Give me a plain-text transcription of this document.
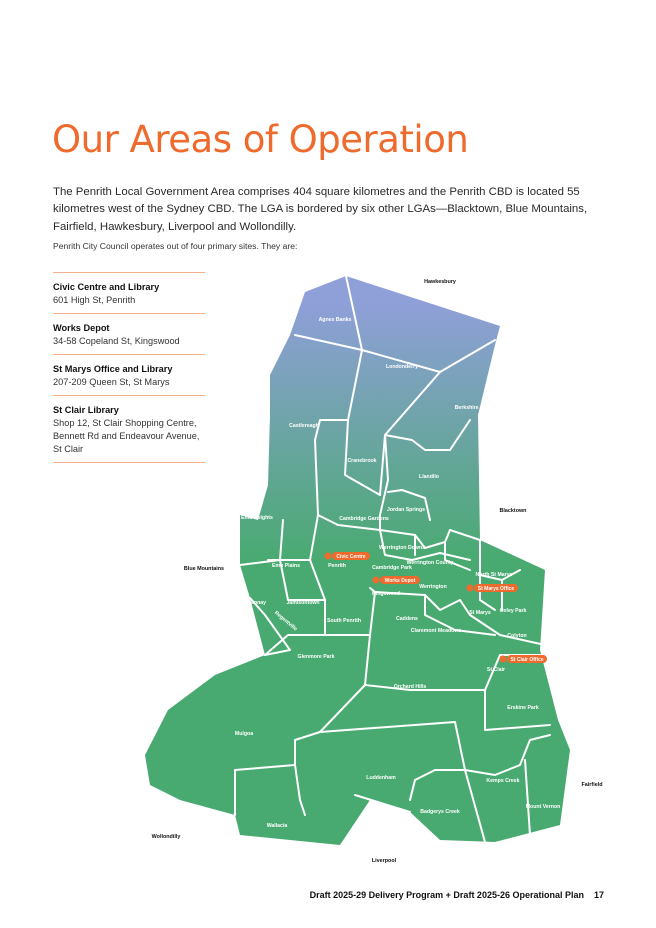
Our Areas of Operation

The Penrith Local Government Area comprises 404 square kilometres and the Penrith CBD is located 55 kilometres west of the Sydney CBD. The LGA is bordered by six other LGAs—Blacktown, Blue Mountains, Fairfield, Hawkesbury, Liverpool and Wollondilly.

Penrith City Council operates out of four primary sites. They are:

Civic Centre and Library
601 High St, Penrith
Works Depot
34-58 Copeland St, Kingswood
St Marys Office and Library
207-209 Queen St, St Marys
St Clair Library
Shop 12, St Clair Shopping Centre, Bennett Rd and Endeavour Avenue, St Clair
Agnes Banks
Londonderry
Berkshire Park
Castlereagh
Cranebrook
Llandilo
Jordan Springs
Cambridge Gardens
Emu Heights
Emu Plains	Penrith	Cambridge Park
Werrington Downs
Werrington County
Werrington
North St Marys
Oxley Park
Kingswood
Leonay	Jamisontown
Regentville	South Penrith	Caddens
Claremont Meadows
St Marys
Colyton
Glenmore Park
Orchard Hills
St Clair
Erskine Park
Mulgoa
Luddenham	Kemps Creek
Badgerys Creek
Mount Vernon
Wallacia
Hawkesbury
Blacktown
Blue Mountains
Fairfield
Wollondilly
Liverpool
Civic Centre
Works Depot
St Marys Office
St Clair Office
Draft 2025-29 Delivery Program + Draft 2025-26 Operational Plan 17
